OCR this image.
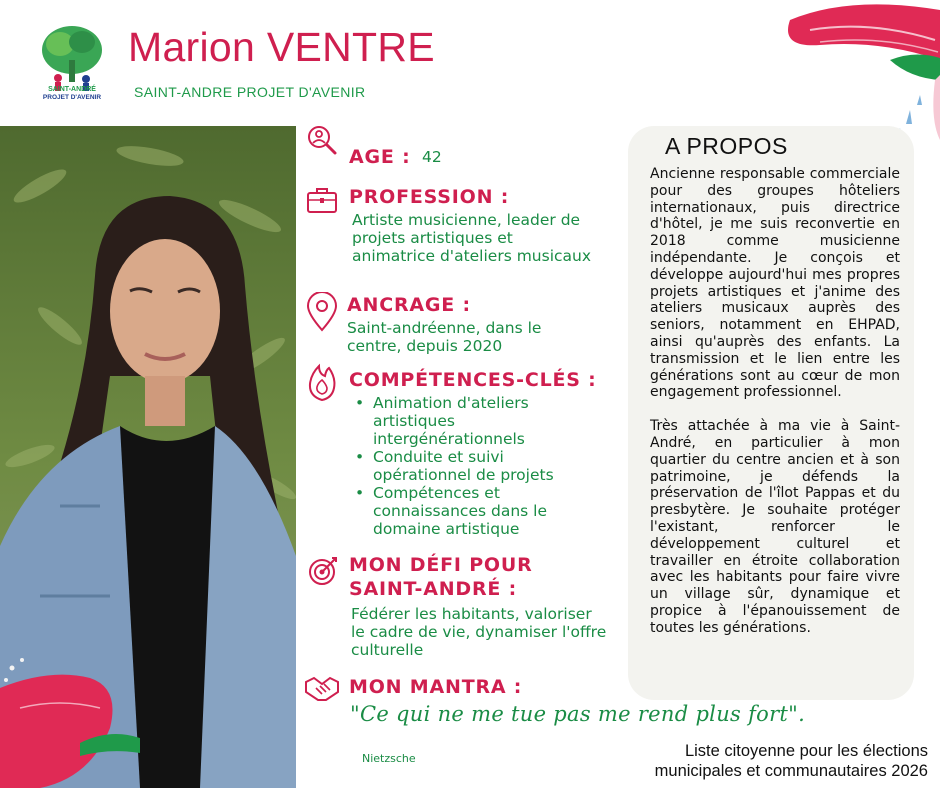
SAINT-ANDRÉ
PROJET D'AVENIR
Marion VENTRE
SAINT-ANDRE PROJET D'AVENIR
AGE : 42
PROFESSION :
Artiste musicienne, leader de projets artistiques et animatrice d'ateliers musicaux
ANCRAGE :
Saint-andréenne, dans le centre, depuis 2020
COMPÉTENCES-CLÉS :
• Animation d'ateliers artistiques intergénérationnels
• Conduite et suivi opérationnel de projets
• Compétences et connaissances dans le domaine artistique
MON DÉFI POUR
SAINT-ANDRÉ :
Fédérer les habitants, valoriser le cadre de vie, dynamiser l'offre culturelle
MON MANTRA :
A PROPOS

Ancienne responsable commerciale pour des groupes hôteliers internationaux, puis directrice d'hôtel, je me suis reconvertie en 2018 comme musicienne indépendante. Je conçois et développe aujourd'hui mes propres projets artistiques et j'anime des ateliers musicaux auprès des seniors, notamment en EHPAD, ainsi qu'auprès des enfants. La transmission et le lien entre les générations sont au cœur de mon engagement professionnel.

Très attachée à ma vie à Saint-André, en particulier à mon quartier du centre ancien et à son patrimoine, je défends la préservation de l'îlot Pappas et du presbytère. Je souhaite protéger l'existant, renforcer le développement culturel et travailler en étroite collaboration avec les habitants pour faire vivre un village sûr, dynamique et propice à l'épanouissement de toutes les générations.

"Ce qui ne me tue pas me rend plus fort".
Nietzsche	Liste citoyenne pour les élections
municipales et communautaires 2026
